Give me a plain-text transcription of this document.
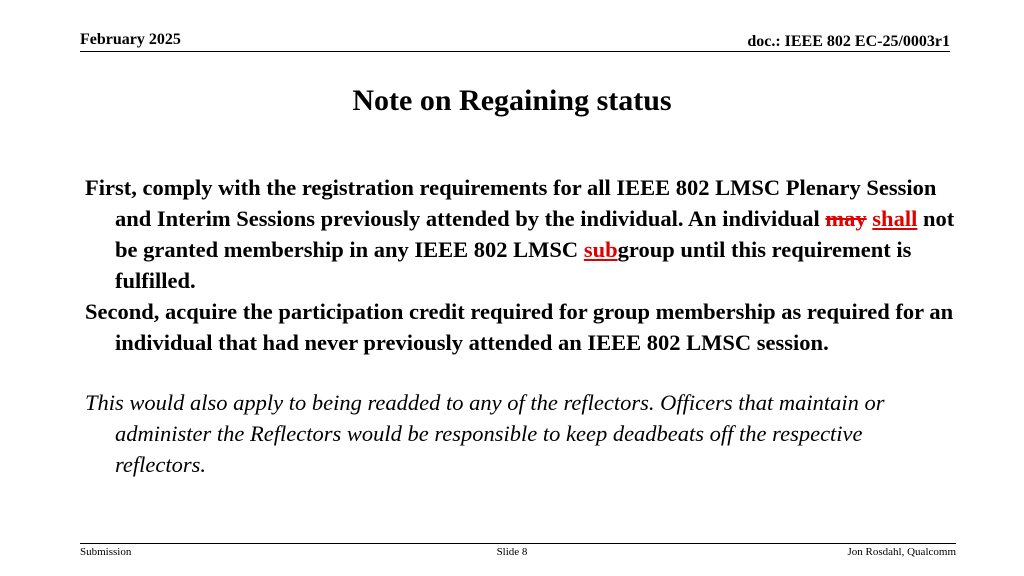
February 2025	doc.: IEEE 802 EC-25/0003r1
Note on Regaining status

First, comply with the registration requirements for all IEEE 802 LMSC Plenary Session and Interim Sessions previously attended by the individual. An individual may shall not be granted membership in any IEEE 802 LMSC subgroup until this requirement is fulfilled.

Second, acquire the participation credit required for group membership as required for an individual that had never previously attended an IEEE 802 LMSC session.

This would also apply to being readded to any of the reflectors. Officers that maintain or administer the Reflectors would be responsible to keep deadbeats off the respective reflectors.

Submission	Slide 8	Jon Rosdahl, Qualcomm
